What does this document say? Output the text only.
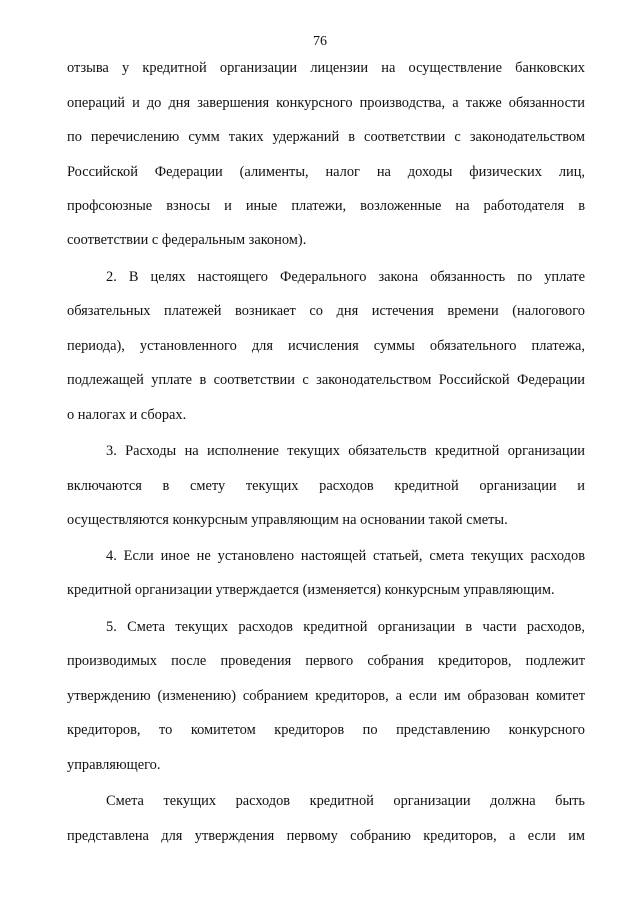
76
отзыва у кредитной организации лицензии на осуществление банковских
операций и до дня завершения конкурсного производства, а также обязанности
по перечислению сумм таких удержаний в соответствии с законодательством
Российской Федерации (алименты, налог на доходы физических лиц,
профсоюзные взносы и иные платежи, возложенные на работодателя в
соответствии с федеральным законом).
2. В целях настоящего Федерального закона обязанность по уплате
обязательных платежей возникает со дня истечения времени (налогового
периода), установленного для исчисления суммы обязательного платежа,
подлежащей уплате в соответствии с законодательством Российской Федерации
о налогах и сборах.
3. Расходы на исполнение текущих обязательств кредитной организации
включаются в смету текущих расходов кредитной организации и
осуществляются конкурсным управляющим на основании такой сметы.
4. Если иное не установлено настоящей статьей, смета текущих расходов
кредитной организации утверждается (изменяется) конкурсным управляющим.
5. Смета текущих расходов кредитной организации в части расходов,
производимых после проведения первого собрания кредиторов, подлежит
утверждению (изменению) собранием кредиторов, а если им образован комитет
кредиторов, то комитетом кредиторов по представлению конкурсного
управляющего.
Смета текущих расходов кредитной организации должна быть
представлена для утверждения первому собранию кредиторов, а если им
